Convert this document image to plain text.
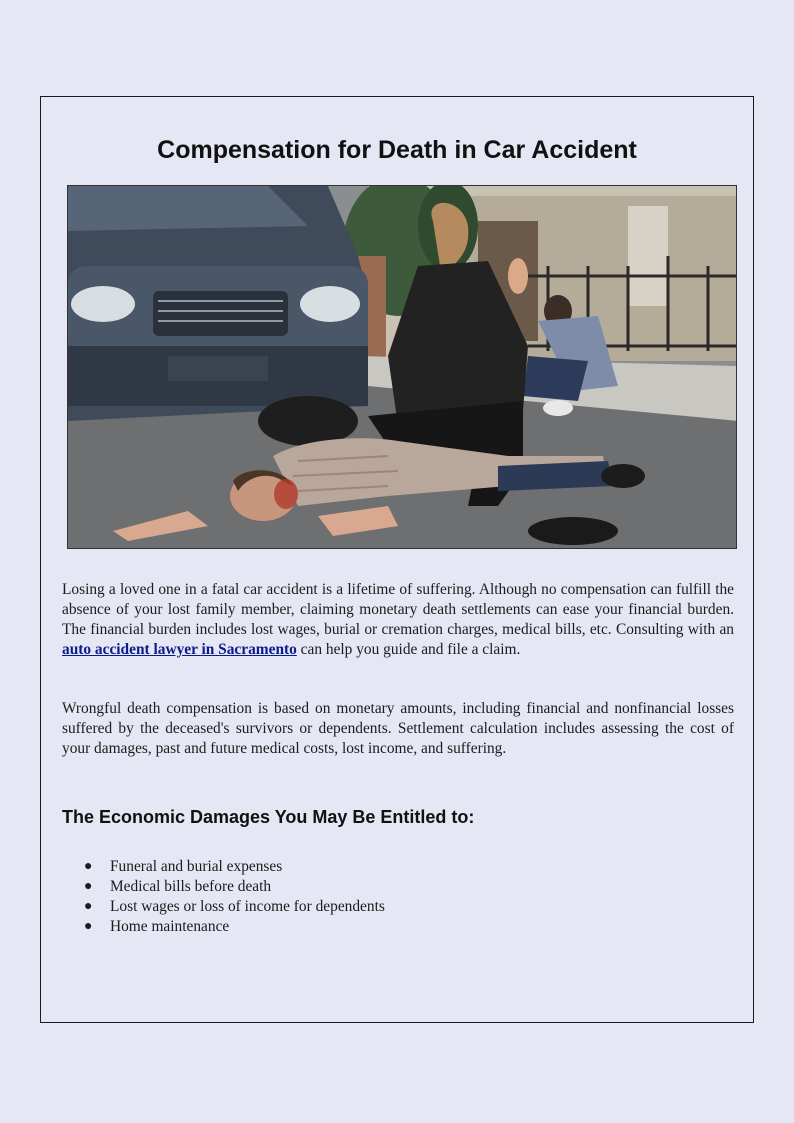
Compensation for Death in Car Accident

Losing a loved one in a fatal car accident is a lifetime of suffering. Although no compensation can fulfill the absence of your lost family member, claiming monetary death settlements can ease your financial burden. The financial burden includes lost wages, burial or cremation charges, medical bills, etc. Consulting with an auto accident lawyer in Sacramento can help you guide and file a claim.

Wrongful death compensation is based on monetary amounts, including financial and nonfinancial losses suffered by the deceased's survivors or dependents. Settlement calculation includes assessing the cost of your damages, past and future medical costs, lost income, and suffering.

The Economic Damages You May Be Entitled to:
● Funeral and burial expenses
● Medical bills before death
● Lost wages or loss of income for dependents
● Home maintenance
